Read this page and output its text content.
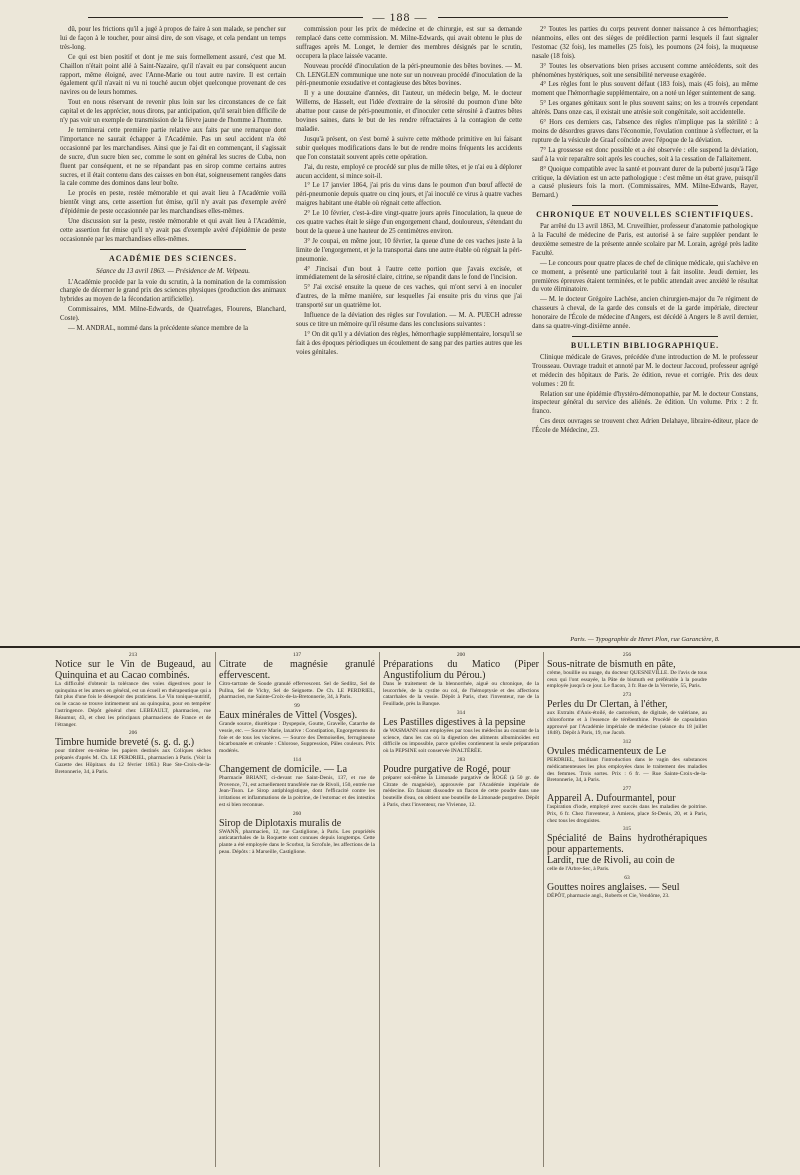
— 188 —

dû, pour les frictions qu'il a jugé à propos de faire à son malade, se pencher sur lui de façon à le toucher, pour ainsi dire, de son visage, et cela pendant un temps très-long.

Ce qui est bien positif et dont je me suis formellement assuré, c'est que M. Chaillon n'était point allé à Saint-Nazaire, qu'il n'avait eu par conséquent aucun rapport, même éloigné, avec l'Anne-Marie ou tout autre navire. Il est certain également qu'il n'avait ni vu ni touché aucun objet quelconque provenant de ces navires ou de leurs hommes.

Tout en nous réservant de revenir plus loin sur les circonstances de ce fait capital et de les apprécier, nous dirons, par anticipation, qu'il serait bien difficile de n'y pas voir un exemple de transmission de la fièvre jaune de l'homme à l'homme.

Je terminerai cette première partie relative aux faits par une remarque dont l'importance ne saurait échapper à l'Académie. Pas un seul accident n'a été occasionné par les marchandises. Ainsi que je l'ai dit en commençant, il s'agissait de sucre, d'un sucre bien sec, comme le sont en général les sucres de Cuba, non fluent par conséquent, et ne se répandant pas en sirop comme certains autres sucres, et il était contenu dans des caisses en bon état, soigneusement rangées dans la cale comme des dominos dans leur boîte.

Le procès en peste, restée mémorable et qui avait lieu à l'Académie voilà bientôt vingt ans, cette assertion fut émise, qu'il n'y avait pas d'exemple avéré d'épidémie de peste occasionnée par les marchandises elles-mêmes.

Une discussion sur la peste, restée mémorable et qui avait lieu à l'Académie, cette assertion fut émise qu'il n'y avait pas d'exemple avéré d'épidémie de peste occasionnée par les marchandises elles-mêmes.

ACADÉMIE DES SCIENCES.
Séance du 13 avril 1863. — Présidence de M. Velpeau.

L'Académie procède par la voie du scrutin, à la nomination de la commission chargée de décerner le grand prix des sciences physiques (production des animaux hybrides au moyen de la fécondation artificielle).

Commissaires, MM. Milne-Edwards, de Quatrefages, Flourens, Blanchard, Coste).

— M. ANDRAL, nommé dans la précédente séance membre de la

commission pour les prix de médecine et de chirurgie, est sur sa demande remplacé dans cette commission. M. Milne-Edwards, qui avait obtenu le plus de suffrages après M. Longet, le dernier des membres désignés par le scrutin, occupera la place laissée vacante.

Nouveau procédé d'inoculation de la péri-pneumonie des bêtes bovines. — M. Ch. LENGLEN communique une note sur un nouveau procédé d'inoculation de la péri-pneumonie exsudative et contagieuse des bêtes bovines.

Il y a une douzaine d'années, dit l'auteur, un médecin belge, M. le docteur Willems, de Hasselt, eut l'idée d'extraire de la sérosité du poumon d'une bête abattue pour cause de péri-pneumonie, et d'inoculer cette sérosité à d'autres bêtes bovines saines, dans le but de les rendre réfractaires à la contagion de cette maladie.

Jusqu'à présent, on s'est borné à suivre cette méthode primitive en lui faisant subir quelques modifications dans le but de rendre moins fréquents les accidents que l'on constatait souvent après cette opération.

J'ai, du reste, employé ce procédé sur plus de mille têtes, et je n'ai eu à déplorer aucun accident, si mince soit-il.

1° Le 17 janvier 1864, j'ai pris du virus dans le poumon d'un bœuf affecté de péri-pneumonie depuis quatre ou cinq jours, et j'ai inoculé ce virus à quatre vaches maigres habitant une étable où régnait cette affection.

2° Le 10 février, c'est-à-dire vingt-quatre jours après l'inoculation, la queue de ces quatre vaches était le siège d'un engorgement chaud, douloureux, s'étendant du bout de la queue à une hauteur de 25 centimètres environ.

3° Je coupai, en même jour, 10 février, la queue d'une de ces vaches juste à la limite de l'engorgement, et je la transportai dans une autre étable où régnait la péri-pneumonie.

4° J'incisai d'un bout à l'autre cette portion que j'avais excisée, et immédiatement de la sérosité claire, citrine, se répandit dans le fond de l'incision.

5° J'ai excisé ensuite la queue de ces vaches, qui m'ont servi à en inoculer d'autres, de la même manière, sur lesquelles j'ai ensuite pris du virus que j'ai transporté sur un quatrième lot.

Influence de la déviation des règles sur l'ovulation. — M. A. PUECH adresse sous ce titre un mémoire qu'il résume dans les conclusions suivantes :

1° On dit qu'il y a déviation des règles, hémorrhagie supplémentaire, lorsqu'il se fait à des époques périodiques un écoulement de sang par des parties autres que les voies génitales.

2° Toutes les parties du corps peuvent donner naissance à ces hémorrhagies; néanmoins, elles ont des sièges de prédilection parmi lesquels il faut signaler l'estomac (32 fois), les mamelles (25 fois), les poumons (24 fois), la muqueuse nasale (18 fois).

3° Toutes les observations bien prises accusent comme antécédents, soit des phénomènes hystériques, soit une sensibilité nerveuse exagérée.

4° Les règles font le plus souvent défaut (183 fois), mais (45 fois), au même moment que l'hémorrhagie supplémentaire, on a noté un léger suintement de sang.

5° Les organes génitaux sont le plus souvent sains; on les a trouvés cependant altérés. Dans onze cas, il existait une atrésie soit congénitale, soit accidentelle.

6° Hors ces derniers cas, l'absence des règles n'implique pas la stérilité : à moins de désordres graves dans l'économie, l'ovulation continue à s'effectuer, et la rupture de la vésicule de Graaf coïncide avec l'époque de la déviation.

7° La grossesse est donc possible et a été observée : elle suspend la déviation, sauf à la voir reparaître soit après les couches, soit à la cessation de l'allaitement.

8° Quoique compatible avec la santé et pouvant durer de la puberté jusqu'à l'âge critique, la déviation est un acte pathologique : c'est même un état grave, puisqu'il a causé plusieurs fois la mort. (Commissaires, MM. Milne-Edwards, Rayer, Bernard.)

CHRONIQUE ET NOUVELLES SCIENTIFIQUES.

Par arrêté du 13 avril 1863, M. Cruveilhier, professeur d'anatomie pathologique à la Faculté de médecine de Paris, est autorisé à se faire suppléer pendant le deuxième semestre de la présente année scolaire par M. Lorain, agrégé près ladite Faculté.

— Le concours pour quatre places de chef de clinique médicale, qui s'achève en ce moment, a présenté une particularité tout à fait insolite. Jeudi dernier, les premières épreuves étaient terminées, et le public attendait avec anxiété le résultat du vote éliminatoire.

— M. le docteur Grégoire Lachèse, ancien chirurgien-major du 7e régiment de chasseurs à cheval, de la garde des consuls et de la garde impériale, directeur honoraire de l'École de médecine d'Angers, est décédé à Angers le 8 avril dernier, dans sa quatre-vingt-dixième année.

BULLETIN BIBLIOGRAPHIQUE.

Clinique médicale de Graves, précédée d'une introduction de M. le professeur Trousseau. Ouvrage traduit et annoté par M. le docteur Jaccoud, professeur agrégé et médecin des hôpitaux de Paris. 2e édition, revue et corrigée. Prix des deux volumes : 20 fr.

Relation sur une épidémie d'hystéro-démonopathie, par M. le docteur Constans, inspecteur général du service des aliénés. 2e édition. Un volume. Prix : 2 fr. franco.

Ces deux ouvrages se trouvent chez Adrien Delahaye, libraire-éditeur, place de l'École de Médecine, 23.

Paris. — Typographie de Henri Plon, rue Garancière, 8.
213
Notice sur le Vin de Bugeaud, au Quinquina et au Cacao combinés.

La difficulté d'obtenir la tolérance des voies digestives pour le quinquina et les amers en général, est un écueil en thérapeutique qui a fait plus d'une fois le désespoir des praticiens. Le Vin tonique-nutritif, ou le cacao se trouve intimement uni au quinquina, pour en tempérer l'astringence. Dépôt général chez LEBEAULT, pharmacien, rue Réaumur, 43, et chez les principaux pharmaciens de France et de l'étranger.

206
Timbre humide breveté (s. g. d. g.)

pour timbrer en-même les papiers destinés aux Coliques sèches préparés d'après M. Ch. LE PERDRIEL, pharmacien à Paris. (Voir la Gazette des Hôpitaux du 12 février 1863.) Rue Ste-Croix-de-la-Bretonnerie, 34, à Paris.

137
Citrate de magnésie granulé effervescent.

Citro-tartrate de Soude granulé effervescent. Sel de Sedlitz, Sel de Pullna, Sel de Vichy, Sel de Seignette. De Ch. LE PERDRIEL, pharmacien, rue Sainte-Croix-de-la-Bretonnerie, 34, à Paris.

99
Eaux minérales de Vittel (Vosges).

Grande source, diurétique : Dyspepsie, Goutte, Gravelle, Catarrhe de vessie, etc. — Source Marie, laxative : Constipation, Engorgements du foie et de tous les viscères. — Source des Demoiselles, ferrugineuse bicarbonatée et crénatée : Chlorose, Suppression, Pâles couleurs. Prix modérés.

114
Changement de domicile. — La

Pharmacie BRIANT, ci-devant rue Saint-Denis, 137, et rue de Provence, 71, est actuellement transférée rue de Rivoli, 150, entrée rue Jean-Tison. Le Sirop antiphlogistique, dont l'efficacité contre les irritations et inflammations de la poitrine, de l'estomac et des intestins est si bien reconnue.

260
Sirop de Diplotaxis muralis de

SWANN, pharmacien, 12, rue Castiglione, à Paris. Les propriétés anticatarrhales de la Roquette sont connues depuis longtemps. Cette plante a été employée dans le Scorbut, la Scrofule, les affections de la peau. Dépôts : à Marseille, Castiglione.

200
Préparations du Matico (Piper Angustifolium du Pérou.)

Dans le traitement de la blennorrhée, aiguë ou chronique, de la leucorrhée, de la cystite ou col, de l'hémoptysie et des affections catarrhales de la vessie. Dépôt à Paris, chez l'inventeur, rue de la Feuillade, près la Banque.

314
Les Pastilles digestives à la pepsine

de WASMANN sont employées par tous les médecins au courant de la science, dans les cas où la digestion des aliments albuminoïdes est difficile ou impossible, parce qu'elles contiennent la seule préparation où la PEPSINE soit conservée INALTÉRÉE.

283
Poudre purgative de Rogé, pour

préparer soi-même la Limonade purgative de ROGÉ (à 50 gr. de Citrate de magnésie), approuvée par l'Académie impériale de médecine. En faisant dissoudre un flacon de cette poudre dans une bouteille d'eau, on obtient une bouteille de Limonade purgative. Dépôt à Paris, chez l'inventeur, rue Vivienne, 12.

256
Sous-nitrate de bismuth en pâte,

crème, bouillie ou nuage, du docteur QUESNEVILLE. De l'avis de tous ceux qui l'ont essayée, la Pâte de bismuth est préférable à la poudre employée jusqu'à ce jour. Le flacon, 3 fr. Rue de la Verrerie, 55, Paris.

273
Perles du Dr Clertan, à l'éther,

aux Extraits d'Anis-étoilé, de castoréum, de digitale, de valériane, au chloroforme et à l'essence de térébenthine. Procédé de capsulation approuvé par l'Académie impériale de médecine (séance du 18 juillet 1848). Dépôt à Paris, 19, rue Jacob.

312
Ovules médicamenteux de Le

PERDRIEL, facilitant l'introduction dans le vagin des substances médicamenteuses les plus employées dans le traitement des maladies des femmes. Trois sortes. Prix : 6 fr. — Rue Sainte-Croix-de-la-Bretonnerie, 34, à Paris.

277
Appareil A. Dufourmantel, pour

l'aspiration d'iode, employé avec succès dans les maladies de poitrine. Prix, 6 fr. Chez l'inventeur, à Amiens, place St-Denis, 20, et à Paris, chez tous les droguistes.

315
Spécialité de Bains hydrothérapiques pour appartements.
Lardit, rue de Rivoli, au coin de

celle de l'Arbre-Sec, à Paris.

63
Gouttes noires anglaises. — Seul

DÉPÔT, pharmacie angl., Roberts et Cie, Vendôme, 23.
